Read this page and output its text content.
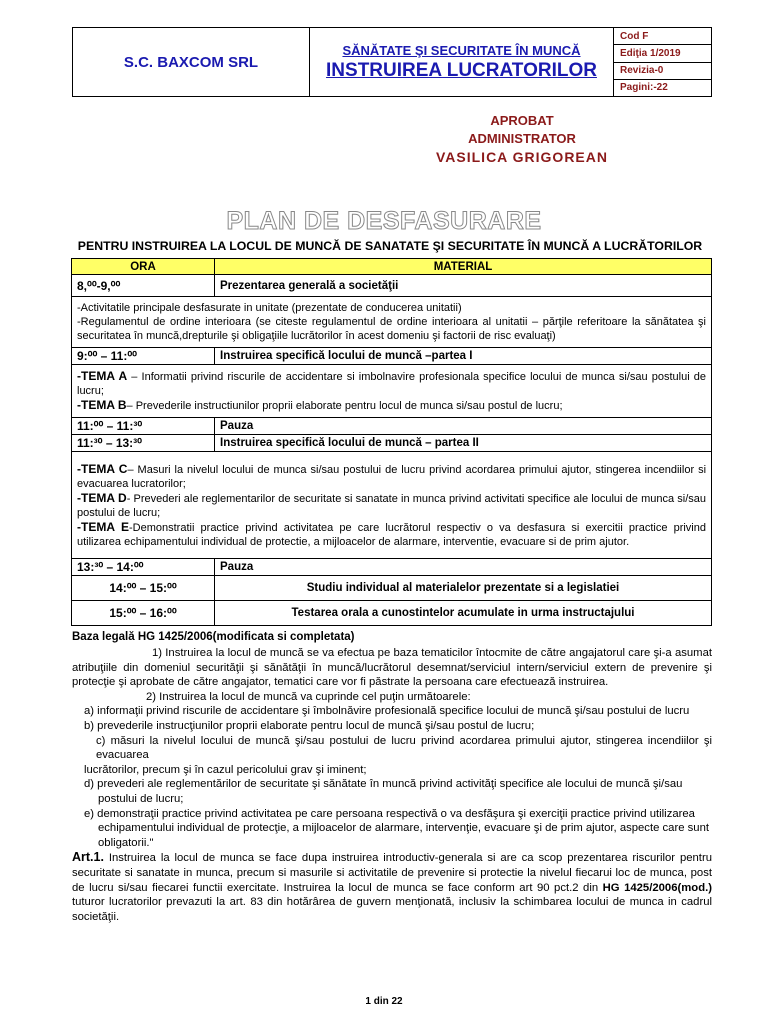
S.C. BAXCOM SRL
SĂNĂTATE ŞI SECURITATE ÎN MUNCĂ
INSTRUIREA LUCRATORILOR
Cod F
Ediţia 1/2019
Revizia-0
Pagini:-22
APROBAT
ADMINISTRATOR
VASILICA GRIGOREAN
PLAN DE DESFASURARE
PENTRU INSTRUIREA LA LOCUL DE MUNCĂ DE SANATATE ŞI SECURITATE ÎN MUNCĂ A LUCRĂTORILOR
ORA	MATERIAL
8,⁰⁰-9,⁰⁰	Prezentarea generală a societăţii
-Activitatile principale desfasurate in unitate (prezentate de conducerea unitatii)
-Regulamentul de ordine interioara (se citeste regulamentul de ordine interioara al unitatii – părţile referitoare la sănătatea şi securitatea în muncă,drepturile şi obligaţiile lucrătorilor în acest domeniu şi factorii de risc evaluaţi)	
9:⁰⁰ – 11:⁰⁰	Instruirea specifică locului de muncă –partea I
-TEMA A – Informatii privind riscurile de accidentare si imbolnavire profesionala specifice locului de munca si/sau postului de lucru;
-TEMA B– Prevederile instructiunilor proprii elaborate pentru locul de munca si/sau postul de lucru;	
11:⁰⁰ – 11:³⁰	Pauza
11:³⁰ – 13:³⁰	Instruirea specifică locului de muncă – partea II
-TEMA C– Masuri la nivelul locului de munca si/sau postului de lucru privind acordarea primului ajutor, stingerea incendiilor si evacuarea lucratorilor;
-TEMA D- Prevederi ale reglementarilor de securitate si sanatate in munca privind activitati specifice ale locului de munca si/sau postului de lucru;
-TEMA E-Demonstratii practice privind activitatea pe care lucrătorul respectiv o va desfasura si exercitii practice privind utilizarea echipamentului individual de protectie, a mijloacelor de alarmare, interventie, evacuare si de prim ajutor.	
13:³⁰ – 14:⁰⁰	Pauza
14:⁰⁰ – 15:⁰⁰	Studiu individual al materialelor prezentate si a legislatiei
15:⁰⁰ – 16:⁰⁰	Testarea orala a cunostintelor acumulate in urma instructajului
Baza legală HG 1425/2006(modificata si completata)

1) Instruirea la locul de muncă se va efectua pe baza tematicilor întocmite de către angajatorul care şi-a asumat atribuţiile din domeniul securităţii şi sănătăţii în muncă/lucrătorul desemnat/serviciul intern/serviciul extern de prevenire şi protecţie şi aprobate de către angajator, tematici care vor fi păstrate la persoana care efectuează instruirea.

2) Instruirea la locul de muncă va cuprinde cel puţin următoarele:

a) informaţii privind riscurile de accidentare şi îmbolnăvire profesională specifice locului de muncă şi/sau postului de lucru

b) prevederile instrucţiunilor proprii elaborate pentru locul de muncă şi/sau postul de lucru;

c) măsuri la nivelul locului de muncă şi/sau postului de lucru privind acordarea primului ajutor, stingerea incendiilor şi evacuarea

lucrătorilor, precum şi în cazul pericolului grav şi iminent;

d) prevederi ale reglementărilor de securitate şi sănătate în muncă privind activităţi specifice ale locului de muncă şi/sau

postului de lucru;

e) demonstraţii practice privind activitatea pe care persoana respectivă o va desfăşura şi exerciţii practice privind utilizarea

echipamentului individual de protecţie, a mijloacelor de alarmare, intervenţie, evacuare şi de prim ajutor, aspecte care sunt

obligatorii."

Art.1. Instruirea la locul de munca se face dupa instruirea introductiv-generala si are ca scop prezentarea riscurilor pentru securitate si sanatate in munca, precum si masurile si activitatile de prevenire si protectie la nivelul fiecarui loc de munca, post de lucru si/sau fiecarei functii exercitate. Instruirea la locul de munca se face conform art 90 pct.2 din HG 1425/2006(mod.) tuturor lucratorilor prevazuti la art. 83 din hotărârea de guvern menţionată, inclusiv la schimbarea locului de munca in cadrul societăţii.

1 din 22
